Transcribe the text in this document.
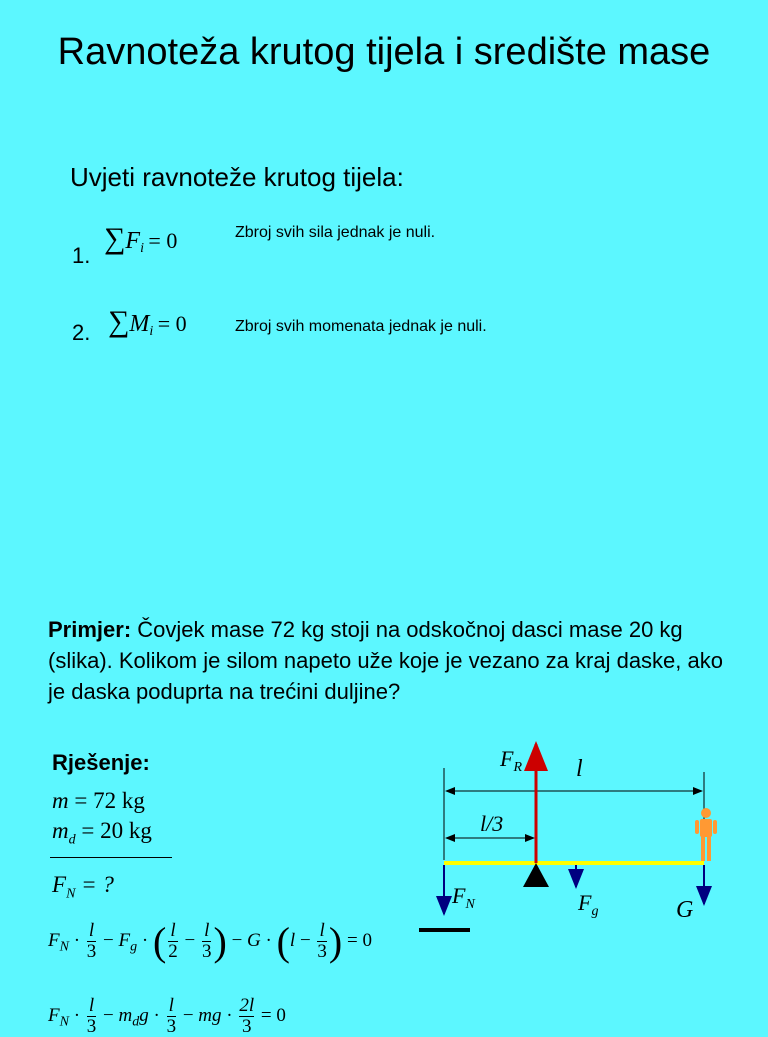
Ravnoteža krutog tijela i središte mase
Uvjeti ravnoteže krutog tijela:
1.
$\sum F_i = 0$	Zbroj svih sila jednak je nuli.
2. $\sum M_i = 0$	Zbroj svih momenata jednak je nuli.
Primjer: Čovjek mase 72 kg stoji na odskočnoj dasci mase 20 kg (slika). Kolikom je silom napeto uže koje je vezano za kraj daske, ako je daska poduprta na trećini duljine?
Rješenje:
m = 72 kg
$m_d = 20$ kg
$F_N$ = ?
$F_N \cdot \frac{l}{3} - F_g$ · ( $\frac{l}{2} - \frac{l}{3}$ ) − $G \cdot (l - \frac{l}{3}$ ) = 0
$F_N \cdot \frac{l}{3} - m_dg \cdot \frac{l}{3}$ − mg · $\frac{2l}{3} = 0$
$F_R$ l
l/3
$F_N$	$F_g$	G
